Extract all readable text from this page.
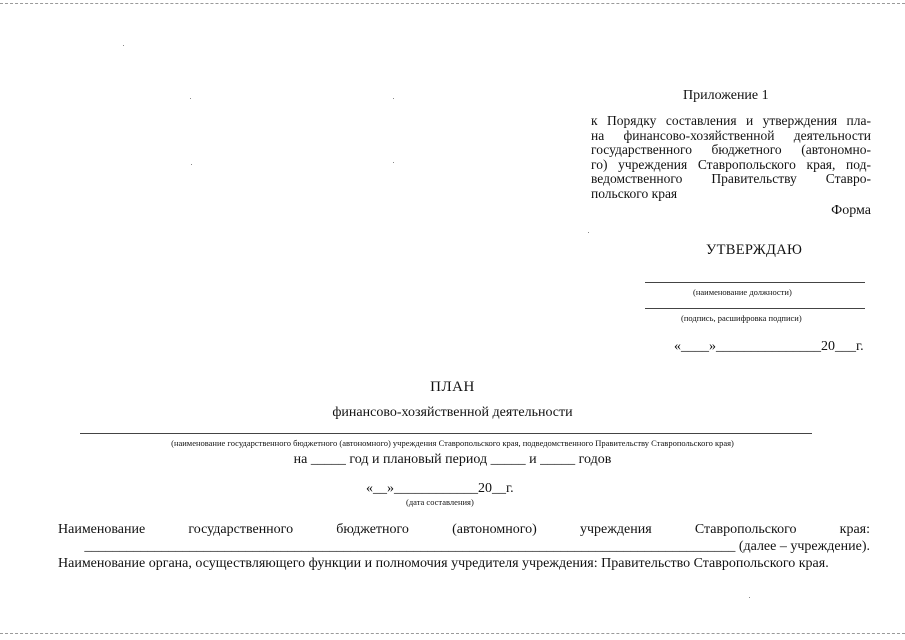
Приложение 1
к Порядку составления и утверждения пла-
на финансово-хозяйственной деятельности
государственного бюджетного (автономно-
го) учреждения Ставропольского края, под-
ведомственного Правительству Ставро-
польского края
Форма
УТВЕРЖДАЮ
(наименование должности)
(подпись, расшифровка подписи)
«____»_______________20___г.
ПЛАН
финансово-хозяйственной деятельности
(наименование государственного бюджетного (автономного) учреждения Ставропольского края, подведомственного Правительству Ставропольского края)
на _____ год и плановый период _____ и _____ годов
«__»____________20__г.
(дата составления)
Наименование государственного бюджетного (автономного) учреждения Ставропольского края:
_____________________________________________________________________________________________ (далее – учреждение).
Наименование органа, осуществляющего функции и полномочия учредителя учреждения: Правительство Ставропольского края.
